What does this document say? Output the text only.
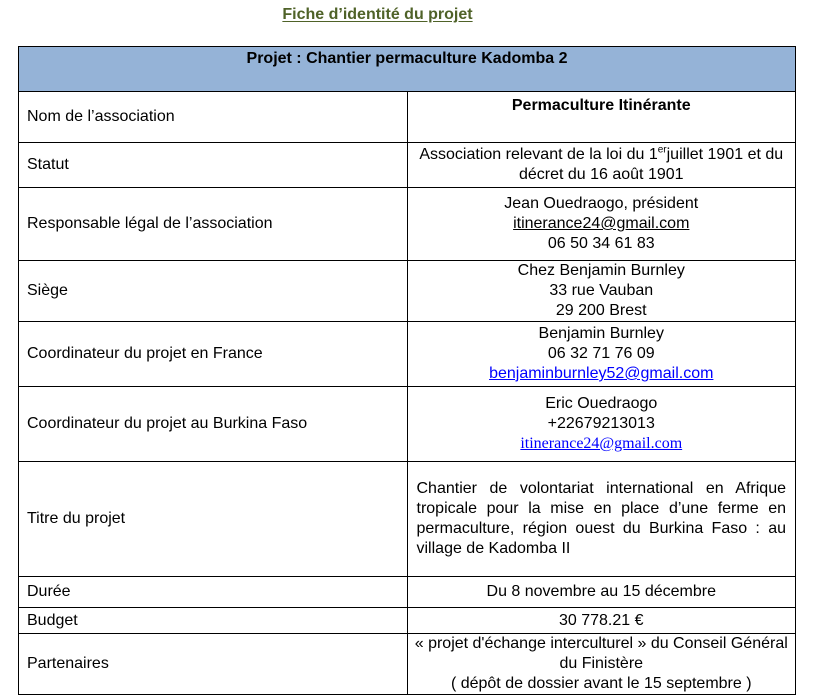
Fiche d’identité du projet
Projet : Chantier permaculture Kadomba 2	
Nom de l’association	Permaculture Itinérante
Statut	Association relevant de la loi du 1erjuillet 1901 et du décret du 16 août 1901
Responsable légal de l’association	Jean Ouedraogo, président
itinerance24@gmail.com
06 50 34 61 83

Siège	Chez Benjamin Burnley
33 rue Vauban
29 200 Brest

Coordinateur du projet en France	Benjamin Burnley
06 32 71 76 09
benjaminburnley52@gmail.com

Coordinateur du projet au Burkina Faso	Eric Ouedraogo
+22679213013
itinerance24@gmail.com

Titre du projet	Chantier de volontariat international en Afrique tropicale pour la mise en place d’une ferme en permaculture, région ouest du Burkina Faso : au village de Kadomba II
Durée	Du 8 novembre au 15 décembre
Budget	30 778.21 €
Partenaires	« projet d'échange interculturel » du Conseil Général du Finistère
( dépôt de dossier avant le 15 septembre )
